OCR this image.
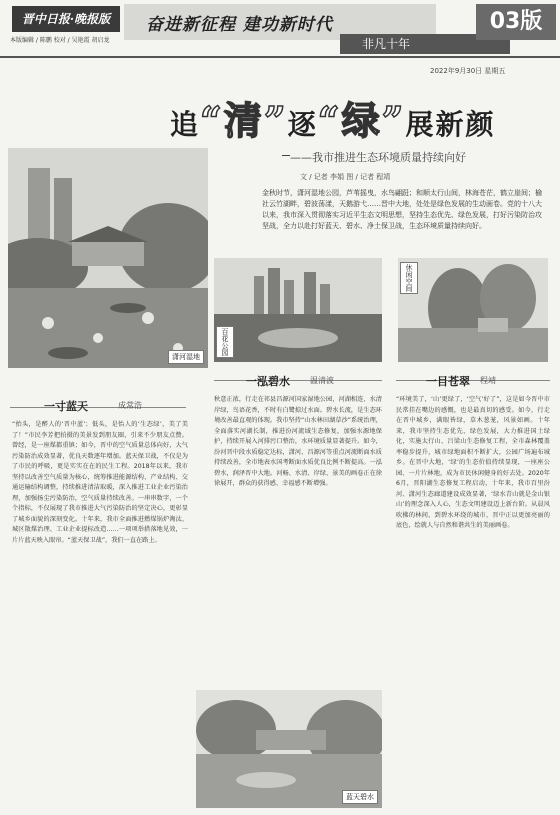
晋中日报·晚报版	奋进新征程 建功新时代
非凡十年
03版
本版编辑 / 陈鹏 校对 / 吴艳霞 胡启龙
2022年9月30日 星期五
追“清”逐“绿”展新颜
——我市推进生态环境质量持续向好
文 / 记者 李娟 图 / 记者 程靖
金秋时节，潇河湿地公园，芦苇摇曳，水鸟翩跹；和顺太行山间，林海苍茫，鹤立崖间；榆社云竹湖畔，碧波荡漾，天鹅游弋……晋中大地，处处是绿色发展的生动画卷。党的十八大以来，我市深入贯彻落实习近平生态文明思想，坚持生态优先、绿色发展，打好污染防治攻坚战，全力以赴打好蓝天、碧水、净土保卫战，生态环境质量持续向好。
潇河湿地
百花公园
休闲空间
蓝天碧水
一寸蓝天	成常浩
一泓碧水	温清波	一目苍翠 程靖
“抬头，是醉人的‘晋中蓝’；低头，是怡人的‘生态绿’，美了美了！”市民李芳把拍摄的美景发到朋友圈，引来不少朋友点赞。曾经，是一座煤都重镇；如今，晋中的空气质量总体向好，大气污染防治成效显著，优良天数逐年增加。蓝天保卫战，不仅是为了市民的呼吸，更是实实在在的民生工程。2018年以来，我市坚持以改善空气质量为核心，统筹推进能源结构、产业结构、交通运输结构调整，持续推进清洁取暖，深入推进工业企业污染治理，加强扬尘污染防治，空气质量持续改善。一串串数字，一个个指标，不仅展现了我市推进大气污染防治的坚定决心，更彰显了城乡面貌的深刻变化。十年来，我市全面推进燃煤锅炉淘汰、城区散煤治理、工业企业提标改造……一项项举措落地见效，一片片蓝天映入眼帘。“蓝天保卫战”，我们一直在路上。
秋意正浓，行走在祁县昌源河国家湿地公园，河湖相连、水清岸绿，鸟语花香，不时有白鹭掠过水面。碧水长流，是生态环境改善最直观的体现。我市坚持“山水林田湖草沙”系统治理，全面落实河湖长制，推进汾河流域生态修复，加强水源地保护，持续开展入河排污口整治，水环境质量显著提升。如今，汾河晋中段水质稳定达标，潇河、昌源河等重点河流断面水质持续改善，全市地表水国考断面水质优良比例不断提高。一泓碧水，润泽晋中大地。河畅、水清、岸绿、景美的画卷正在徐徐展开，群众的获得感、幸福感不断增强。
“环境美了，‘山’更绿了，‘空气’好了”，这是如今晋中市民常挂在嘴边的感慨，也是最真切的感受。如今，行走在晋中城乡，满眼皆绿，草木葱茏，风景如画。十年来，我市坚持生态优先、绿色发展，大力推进国土绿化，实施太行山、吕梁山生态修复工程，全市森林覆盖率稳步提升，城市绿地面积不断扩大，公园广场遍布城乡。在晋中大地，‘绿’的生态价值持续显现，一座座公园、一片片林地，成为市民休闲健身的好去处。2020年6月，晋阳湖生态修复工程启动，十年来，我市百里汾河、潇河生态廊道建设成效显著，‘绿水青山就是金山银山’的理念深入人心，生态文明建设迈上新台阶。从晨风吹拂的林间，到碧水环绕的城市，晋中正以更加亮丽的底色，绘就人与自然和谐共生的美丽画卷。
